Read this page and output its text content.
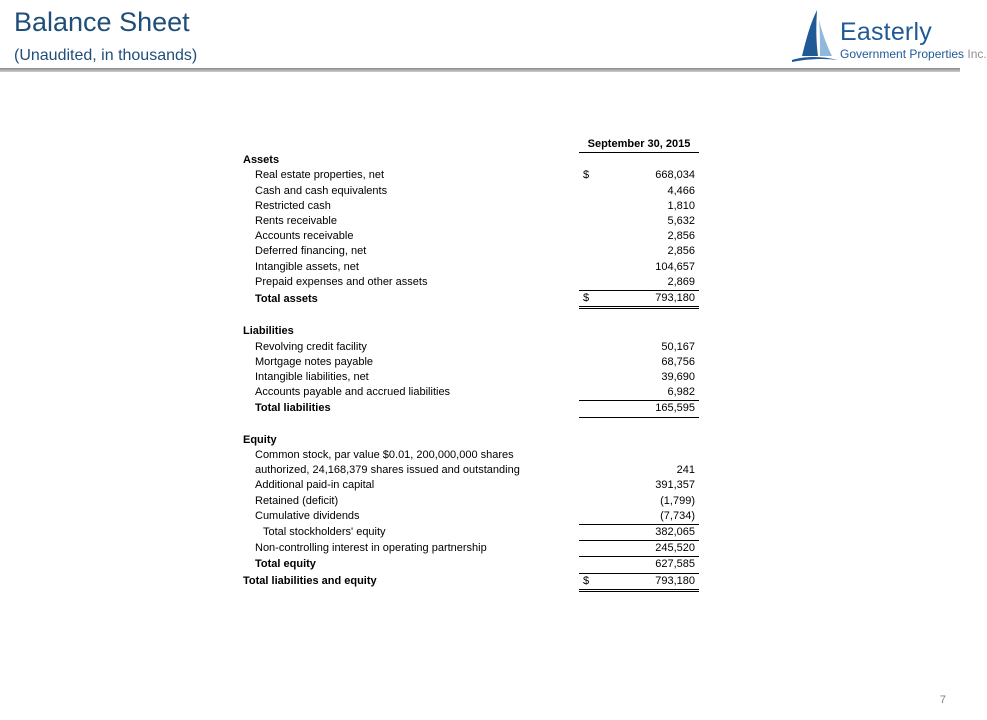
Balance Sheet
(Unaudited, in thousands)
Easterly
Government Properties Inc.
		September 30, 2015	
Assets			
Real estate properties, net		$	668,034
Cash and cash equivalents			4,466
Restricted cash			1,810
Rents receivable			5,632
Accounts receivable			2,856
Deferred financing, net			2,856
Intangible assets, net			104,657
Prepaid expenses and other assets			2,869
Total assets		$	793,180

Liabilities			
Revolving credit facility			50,167
Mortgage notes payable			68,756
Intangible liabilities, net			39,690
Accounts payable and accrued liabilities			6,982
Total liabilities			165,595

Equity			
Common stock, par value $0.01, 200,000,000 shares			
authorized, 24,168,379 shares issued and outstanding			241
Additional paid-in capital			391,357
Retained (deficit)			(1,799)
Cumulative dividends			(7,734)
Total stockholders' equity			382,065
Non-controlling interest in operating partnership			245,520
Total equity			627,585
Total liabilities and equity		$	793,180
7
